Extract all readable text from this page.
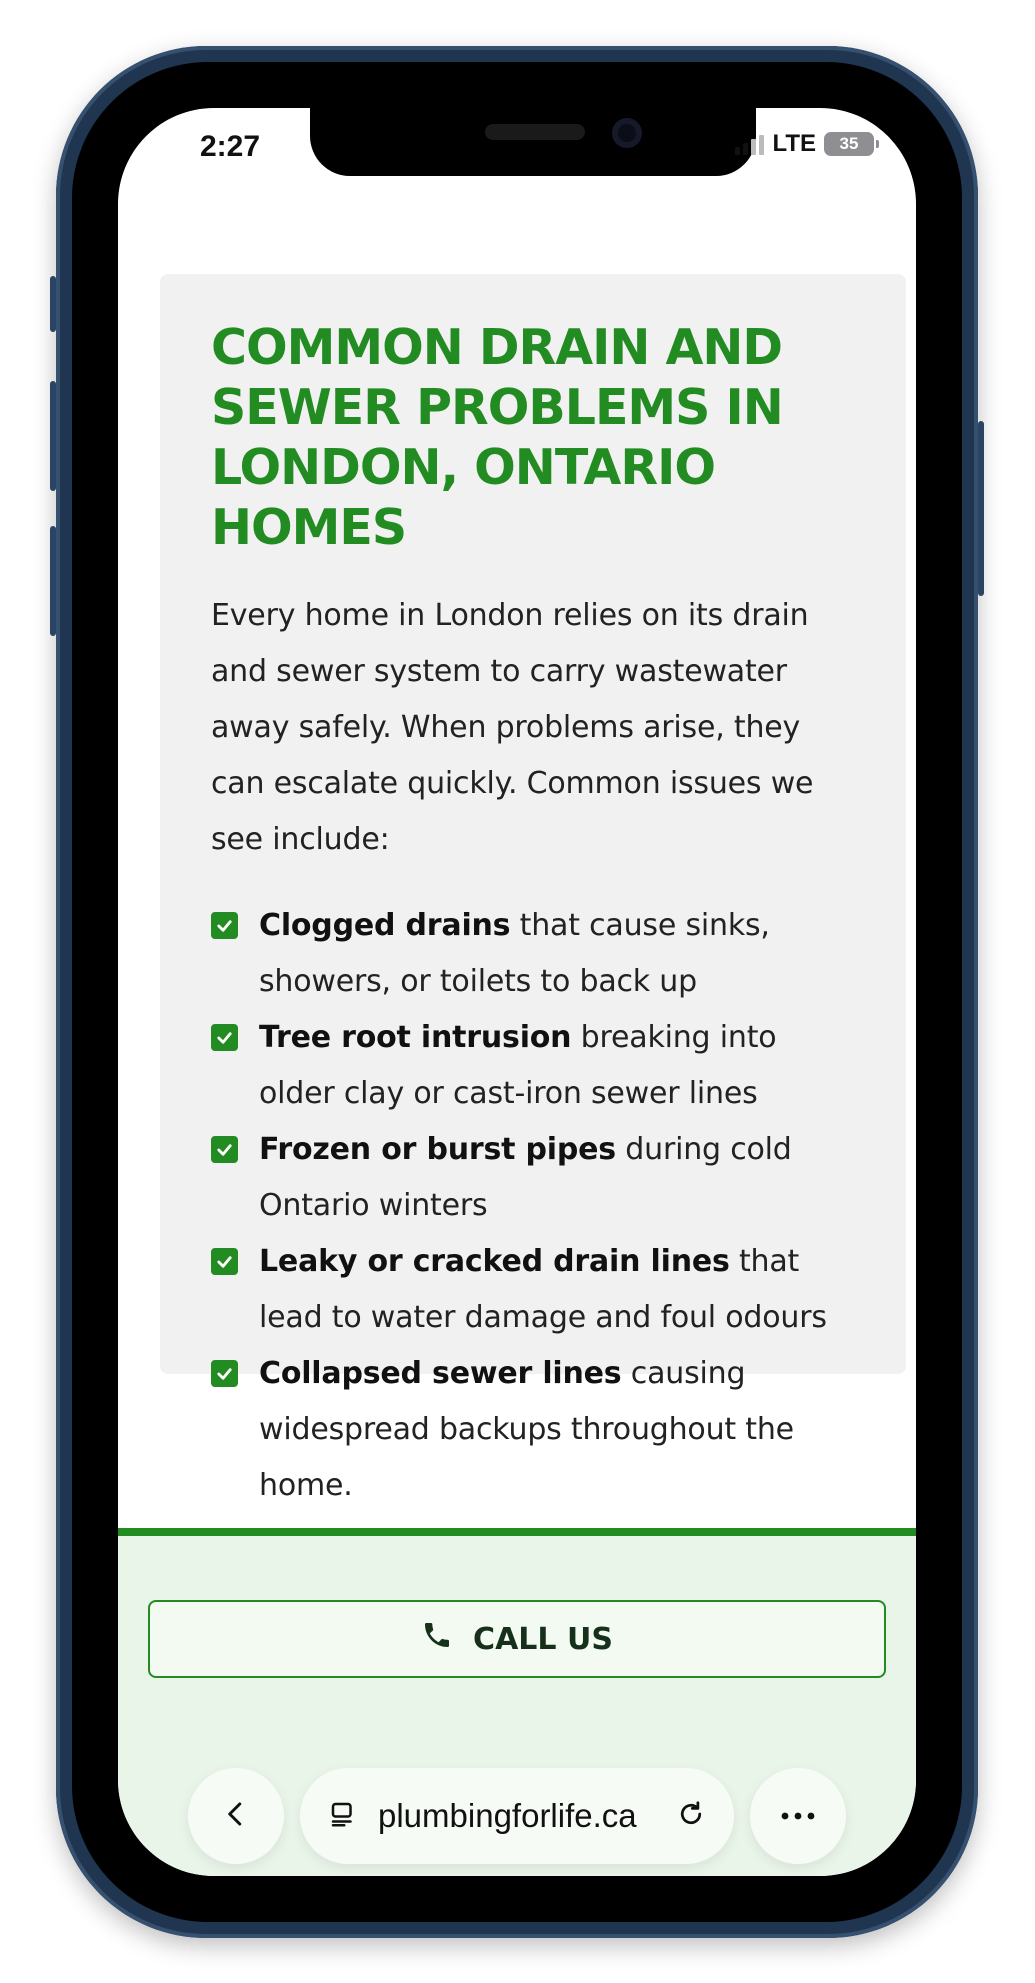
2:27	LTE 35
COMMON DRAIN AND SEWER PROBLEMS IN LONDON, ONTARIO HOMES

Every home in London relies on its drain and sewer system to carry wastewater away safely. When problems arise, they can escalate quickly. Common issues we see include:

Clogged drains that cause sinks, showers, or toilets to back up
Tree root intrusion breaking into older clay or cast-iron sewer lines
Frozen or burst pipes during cold Ontario winters
Leaky or cracked drain lines that lead to water damage and foul odours
Collapsed sewer lines causing widespread backups throughout the home.
CALL US
plumbingforlife.ca
